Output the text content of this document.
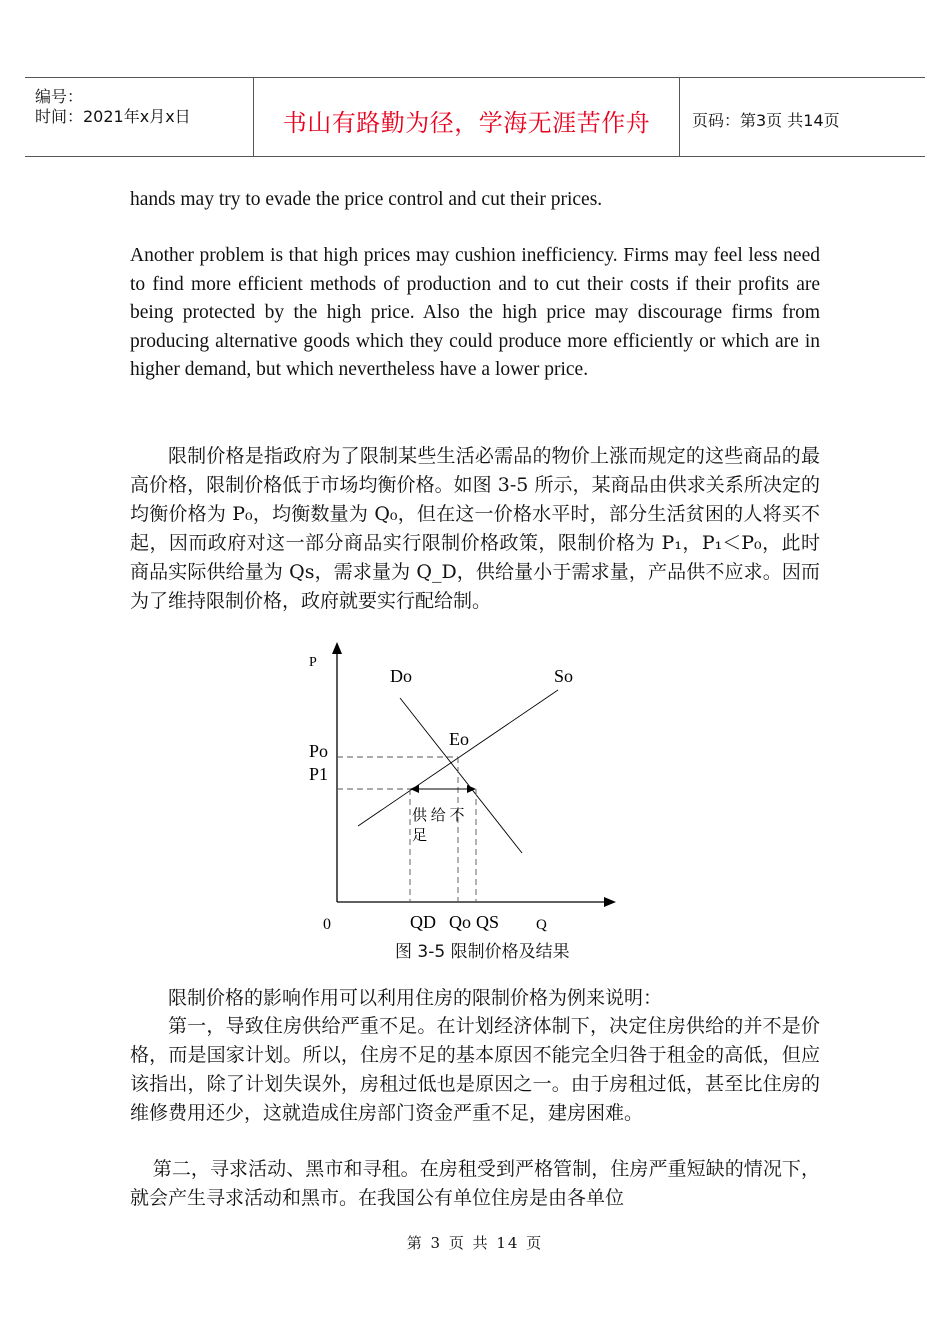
编号：
时间：2021年x月x日	书山有路勤为径，学海无涯苦作舟	页码：第3页 共14页

hands may try to evade the price control and cut their prices.

Another problem is that high prices may cushion inefficiency. Firms may feel less need to find more efficient methods of production and to cut their costs if their profits are being protected by the high price. Also the high price may discourage firms from producing alternative goods which they could produce more efficiently or which are in higher demand, but which nevertheless have a lower price.

限制价格是指政府为了限制某些生活必需品的物价上涨而规定的这些商品的最高价格，限制价格低于市场均衡价格。如图 3-5 所示，某商品由供求关系所决定的均衡价格为 P₀，均衡数量为 Q₀，但在这一价格水平时，部分生活贫困的人将买不起，因而政府对这一部分商品实行限制价格政策，限制价格为 P₁，P₁＜P₀，此时商品实际供给量为 Qs，需求量为 Q_D，供给量小于需求量，产品供不应求。因而为了维持限制价格，政府就要实行配给制。

P
Do	So
Eo
Po
P1
供 给 不
足
0	QD Qo QS Q
图 3-5 限制价格及结果

限制价格的影响作用可以利用住房的限制价格为例来说明：

第一，导致住房供给严重不足。在计划经济体制下，决定住房供给的并不是价格，而是国家计划。所以，住房不足的基本原因不能完全归咎于租金的高低，但应该指出，除了计划失误外，房租过低也是原因之一。由于房租过低，甚至比住房的维修费用还少，这就造成住房部门资金严重不足，建房困难。

第二，寻求活动、黑市和寻租。在房租受到严格管制，住房严重短缺的情况下，就会产生寻求活动和黑市。在我国公有单位住房是由各单位

第 3 页 共 14 页
